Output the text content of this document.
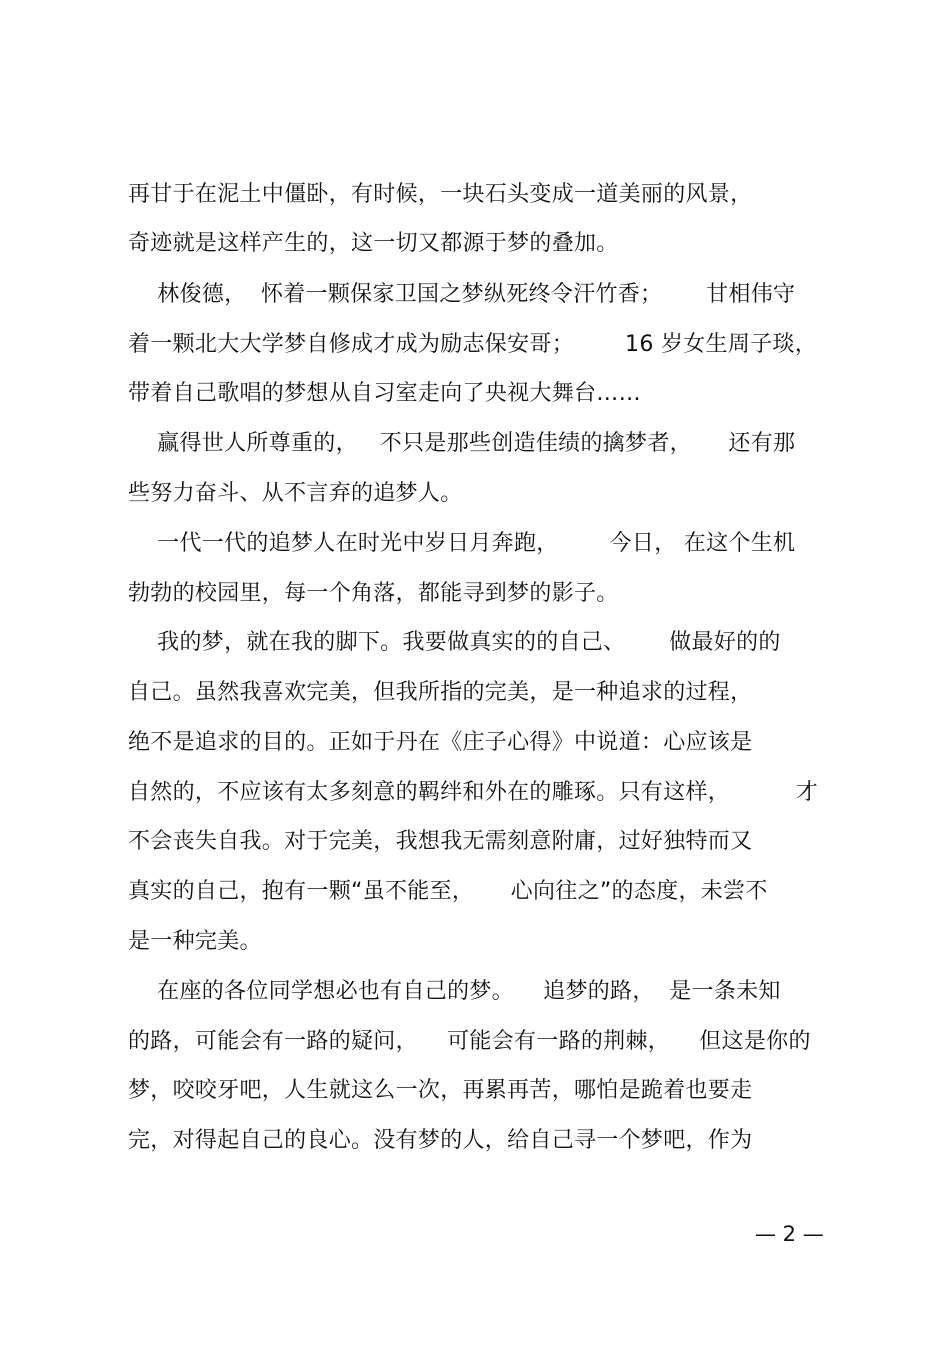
再甘于在泥土中僵卧，有时候，一块石头变成一道美丽的风景，
奇迹就是这样产生的，这一切又都源于梦的叠加。
林俊德，  怀着一颗保家卫国之梦纵死终令汗竹香；      甘相伟守
着一颗北大大学梦自修成才成为励志保安哥；       16 岁女生周子琰，
带着自己歌唱的梦想从自习室走向了央视大舞台……
赢得世人所尊重的，   不只是那些创造佳绩的擒梦者，     还有那
些努力奋斗、从不言弃的追梦人。
一代一代的追梦人在时光中岁日月奔跑，       今日， 在这个生机
勃勃的校园里，每一个角落，都能寻到梦的影子。
我的梦，就在我的脚下。我要做真实的的自己、      做最好的的
自己。虽然我喜欢完美，但我所指的完美，是一种追求的过程，
绝不是追求的目的。正如于丹在《庄子心得》中说道：心应该是
自然的，不应该有太多刻意的羁绊和外在的雕琢。只有这样，         才
不会丧失自我。对于完美，我想我无需刻意附庸，过好独特而又
真实的自己，抱有一颗“虽不能至，     心向往之”的态度，未尝不
是一种完美。
在座的各位同学想必也有自己的梦。    追梦的路，  是一条未知
的路，可能会有一路的疑问，    可能会有一路的荆棘，    但这是你的
梦，咬咬牙吧，人生就这么一次，再累再苦，哪怕是跪着也要走
完，对得起自己的良心。没有梦的人，给自己寻一个梦吧，作为
— 2 —
